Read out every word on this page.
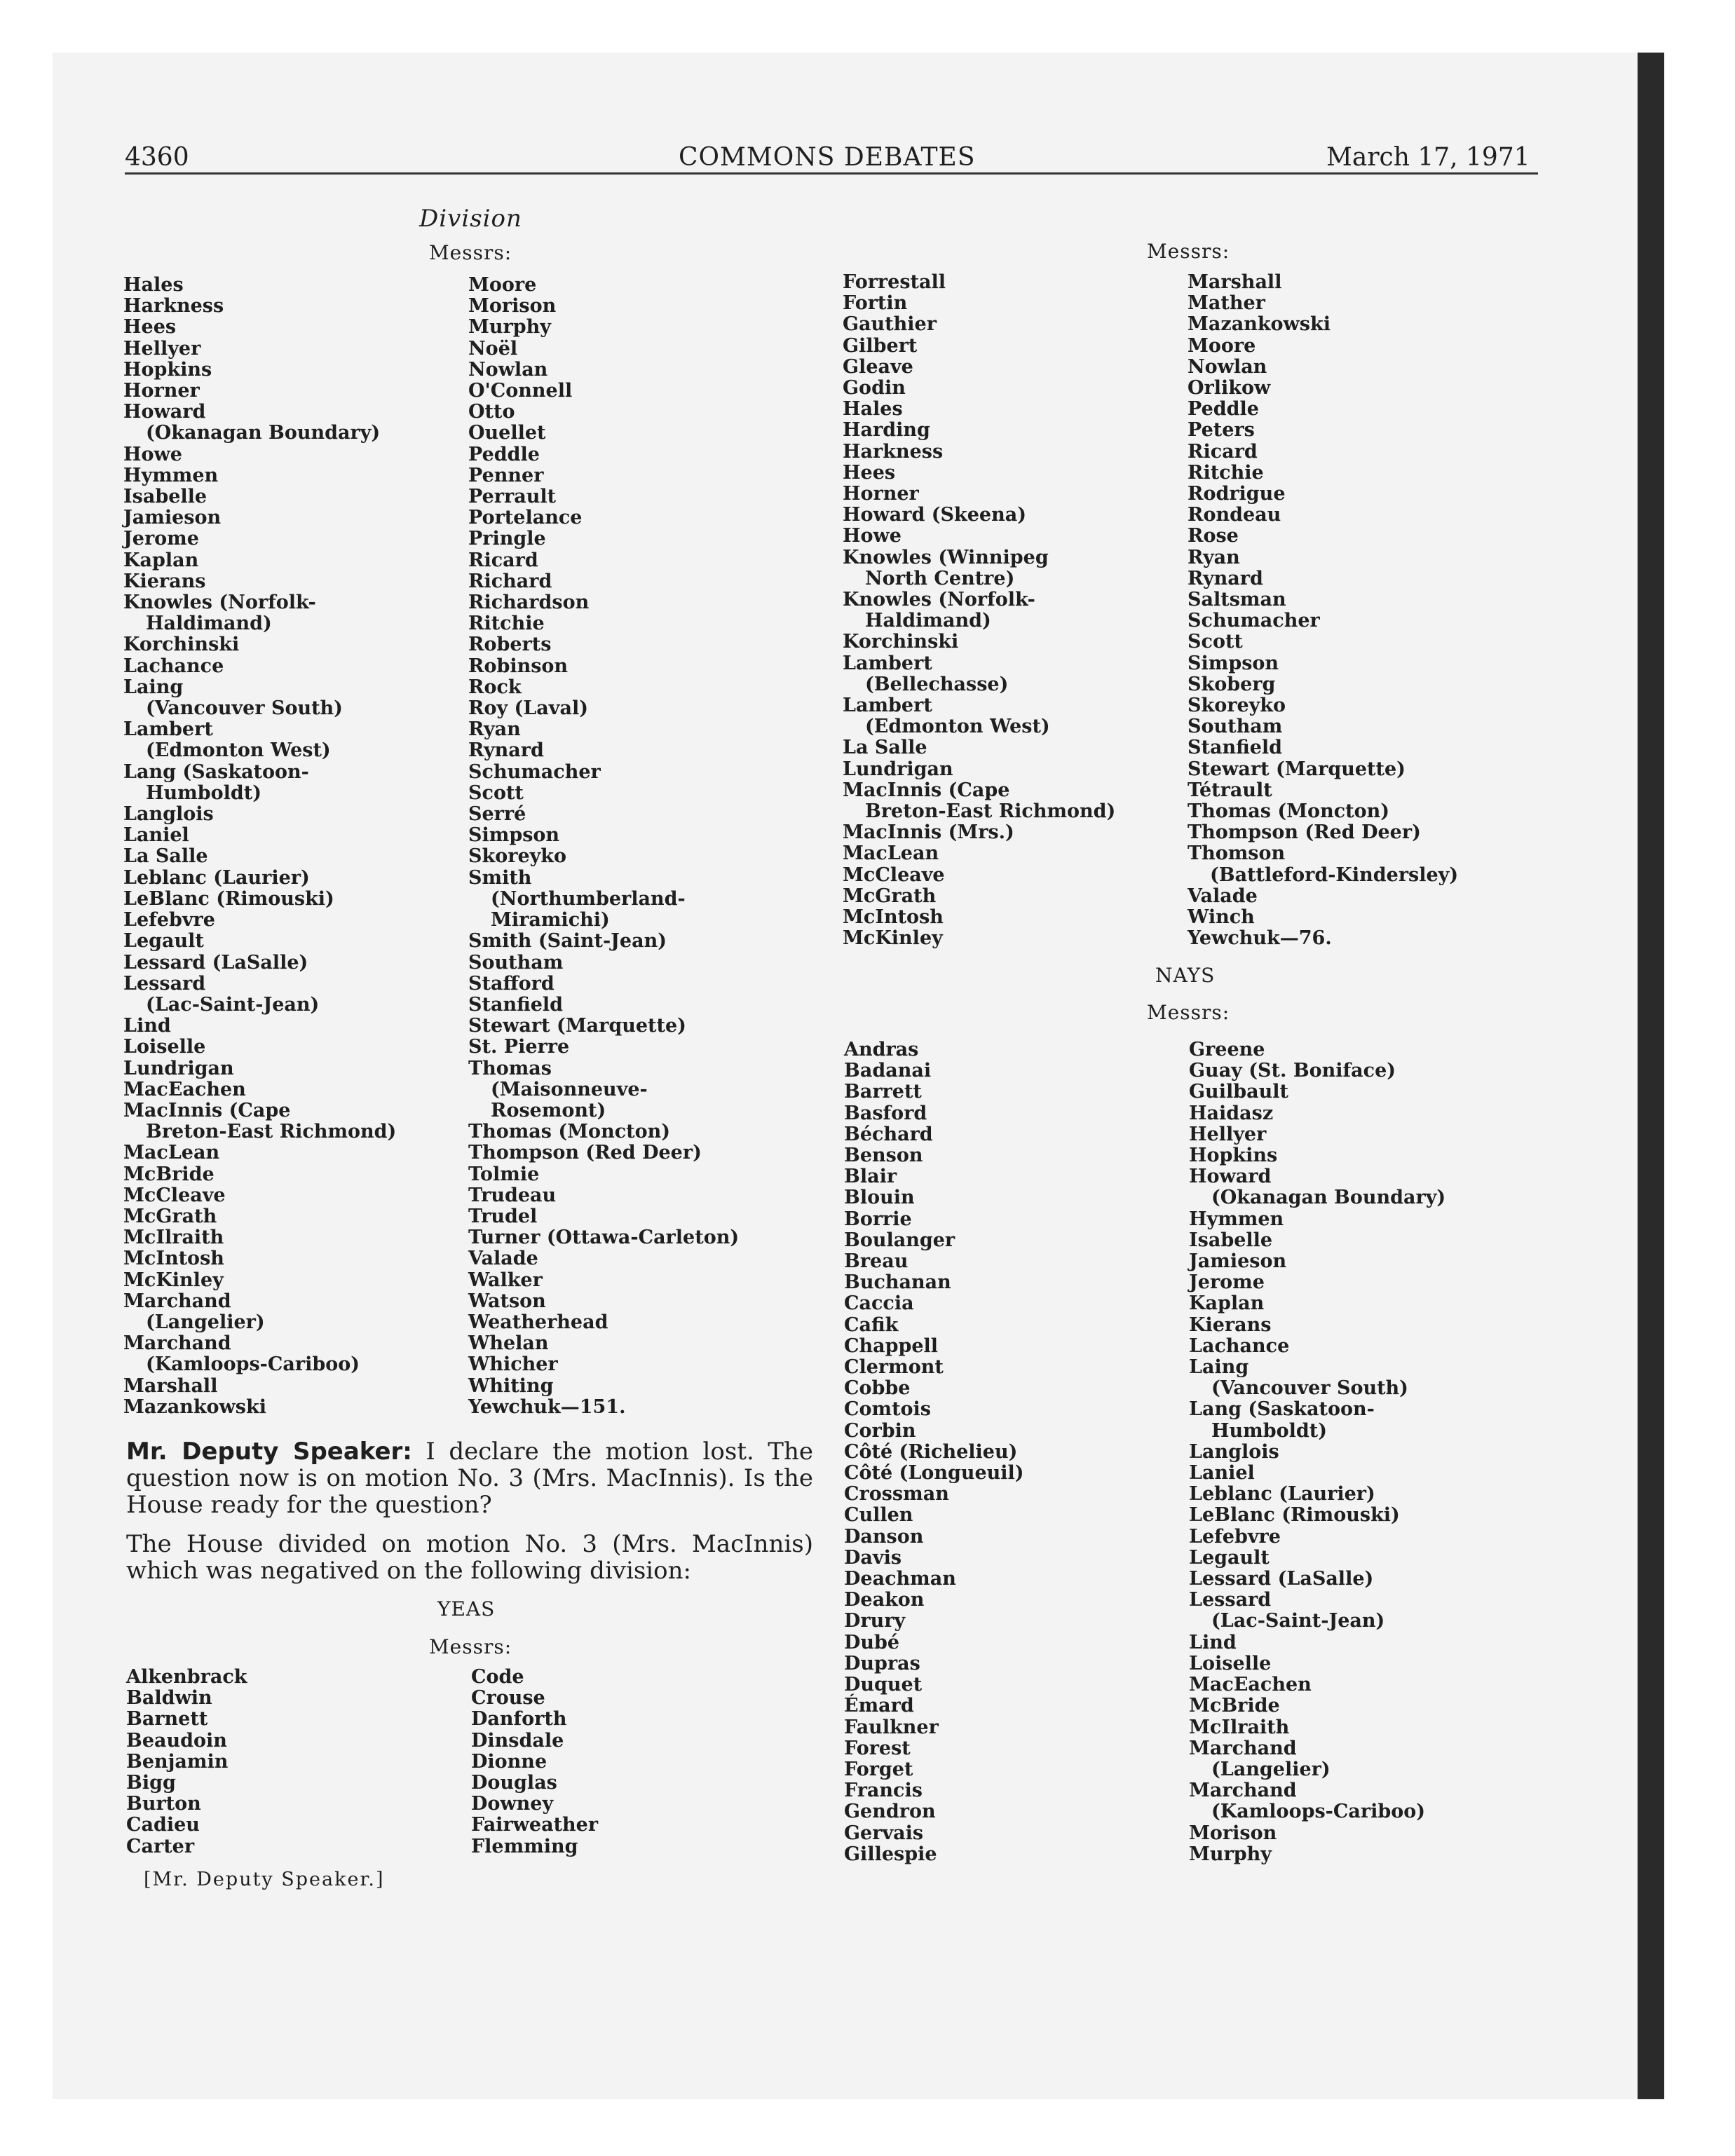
4360	COMMONS DEBATES	March 17, 1971
Division
Messrs:
Hales
Harkness
Hees
Hellyer
Hopkins
Horner
Howard
(Okanagan Boundary)
Howe
Hymmen
Isabelle
Jamieson
Jerome
Kaplan
Kierans
Knowles (Norfolk-
Haldimand)
Korchinski
Lachance
Laing
(Vancouver South)
Lambert
(Edmonton West)
Lang (Saskatoon-
Humboldt)
Langlois
Laniel
La Salle
Leblanc (Laurier)
LeBlanc (Rimouski)
Lefebvre
Legault
Lessard (LaSalle)
Lessard
(Lac-Saint-Jean)
Lind
Loiselle
Lundrigan
MacEachen
MacInnis (Cape
Breton-East Richmond)
MacLean
McBride
McCleave
McGrath
McIlraith
McIntosh
McKinley
Marchand
(Langelier)
Marchand
(Kamloops-Cariboo)
Marshall
Mazankowski
Moore
Morison
Murphy
Noël
Nowlan
O'Connell
Otto
Ouellet
Peddle
Penner
Perrault
Portelance
Pringle
Ricard
Richard
Richardson
Ritchie
Roberts
Robinson
Rock
Roy (Laval)
Ryan
Rynard
Schumacher
Scott
Serré
Simpson
Skoreyko
Smith
(Northumberland-
Miramichi)
Smith (Saint-Jean)
Southam
Stafford
Stanfield
Stewart (Marquette)
St. Pierre
Thomas
(Maisonneuve-
Rosemont)
Thomas (Moncton)
Thompson (Red Deer)
Tolmie
Trudeau
Trudel
Turner (Ottawa-Carleton)
Valade
Walker
Watson
Weatherhead
Whelan
Whicher
Whiting
Yewchuk—151.

Mr. Deputy Speaker: I declare the motion lost. The question now is on motion No. 3 (Mrs. MacInnis). Is the House ready for the question?

The House divided on motion No. 3 (Mrs. MacInnis) which was negatived on the following division:

YEAS
Messrs:
Alkenbrack
Baldwin
Barnett
Beaudoin
Benjamin
Bigg
Burton
Cadieu
Carter
Code
Crouse
Danforth
Dinsdale
Dionne
Douglas
Downey
Fairweather
Flemming
[Mr. Deputy Speaker.]
Messrs:
Forrestall
Fortin
Gauthier
Gilbert
Gleave
Godin
Hales
Harding
Harkness
Hees
Horner
Howard (Skeena)
Howe
Knowles (Winnipeg
North Centre)
Knowles (Norfolk-
Haldimand)
Korchinski
Lambert
(Bellechasse)
Lambert
(Edmonton West)
La Salle
Lundrigan
MacInnis (Cape
Breton-East Richmond)
MacInnis (Mrs.)
MacLean
McCleave
McGrath
McIntosh
McKinley
Marshall
Mather
Mazankowski
Moore
Nowlan
Orlikow
Peddle
Peters
Ricard
Ritchie
Rodrigue
Rondeau
Rose
Ryan
Rynard
Saltsman
Schumacher
Scott
Simpson
Skoberg
Skoreyko
Southam
Stanfield
Stewart (Marquette)
Tétrault
Thomas (Moncton)
Thompson (Red Deer)
Thomson
(Battleford-Kindersley)
Valade
Winch
Yewchuk—76.
NAYS
Messrs:
Andras
Badanai
Barrett
Basford
Béchard
Benson
Blair
Blouin
Borrie
Boulanger
Breau
Buchanan
Caccia
Cafik
Chappell
Clermont
Cobbe
Comtois
Corbin
Côté (Richelieu)
Côté (Longueuil)
Crossman
Cullen
Danson
Davis
Deachman
Deakon
Drury
Dubé
Dupras
Duquet
Émard
Faulkner
Forest
Forget
Francis
Gendron
Gervais
Gillespie
Greene
Guay (St. Boniface)
Guilbault
Haidasz
Hellyer
Hopkins
Howard
(Okanagan Boundary)
Hymmen
Isabelle
Jamieson
Jerome
Kaplan
Kierans
Lachance
Laing
(Vancouver South)
Lang (Saskatoon-
Humboldt)
Langlois
Laniel
Leblanc (Laurier)
LeBlanc (Rimouski)
Lefebvre
Legault
Lessard (LaSalle)
Lessard
(Lac-Saint-Jean)
Lind
Loiselle
MacEachen
McBride
McIlraith
Marchand
(Langelier)
Marchand
(Kamloops-Cariboo)
Morison
Murphy
